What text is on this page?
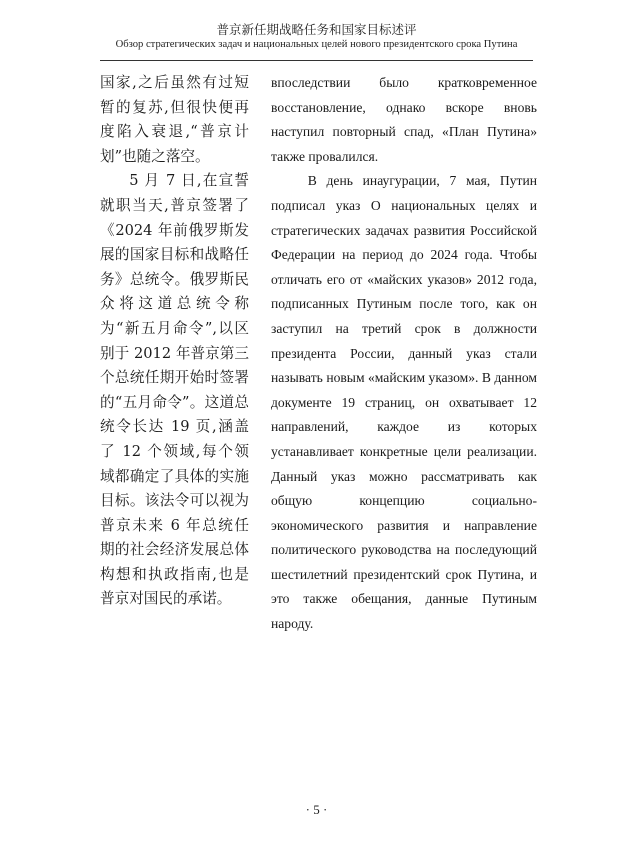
普京新任期战略任务和国家目标述评
Обзор стратегических задач и национальных целей нового президентского срока Путина

国家,之后虽然有过短暂的复苏,但很快便再度陷入衰退,“普京计划”也随之落空。

5 月 7 日,在宣誓就职当天,普京签署了《2024 年前俄罗斯发展的国家目标和战略任务》总统令。俄罗斯民众将这道总统令称为“新五月命令”,以区别于 2012 年普京第三个总统任期开始时签署的“五月命令”。这道总统令长达 19 页,涵盖了 12 个领域,每个领域都确定了具体的实施目标。该法令可以视为普京未来 6 年总统任期的社会经济发展总体构想和执政指南,也是普京对国民的承诺。

впоследствии было кратковременное восстановление, однако вскоре вновь наступил повторный спад, «План Путина» также провалился.

В день инаугурации, 7 мая, Путин подписал указ О национальных целях и стратегических задачах развития Российской Федерации на период до 2024 года. Чтобы отличать его от «майских указов» 2012 года, подписанных Путиным после того, как он заступил на третий срок в должности президента России, данный указ стали называть новым «майским указом». В данном документе 19 страниц, он охватывает 12 направлений, каждое из которых устанавливает конкретные цели реализации. Данный указ можно рассматривать как общую концепцию социально-экономического развития и направление политического руководства на последующий шестилетний президентский срок Путина, и это также обещания, данные Путиным народу.

· 5 ·
